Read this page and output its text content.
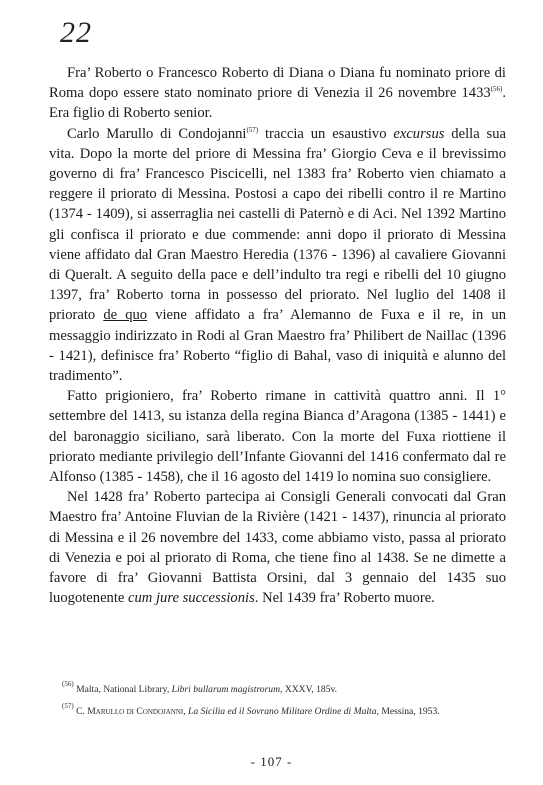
22

Fra’ Roberto o Francesco Roberto di Diana o Diana fu nominato priore di Roma dopo essere stato nominato priore di Venezia il 26 novembre 1433$^{(56)}$. Era figlio di Roberto senior.

Carlo Marullo di Condojanni$^{(57)}$ traccia un esaustivo excursus della sua vita. Dopo la morte del priore di Messina fra’ Giorgio Ceva e il brevissimo governo di fra’ Francesco Piscicelli, nel 1383 fra’ Roberto vien chiamato a reggere il priorato di Messina. Postosi a capo dei ribelli contro il re Martino (1374 - 1409), si asserraglia nei castelli di Paternò e di Aci. Nel 1392 Martino gli confisca il priorato e due commende: anni dopo il priorato di Messina viene affidato dal Gran Maestro Heredia (1376 - 1396) al cavaliere Giovanni di Queralt. A seguito della pace e dell’indulto tra regi e ribelli del 10 giugno 1397, fra’ Roberto torna in possesso del priorato. Nel luglio del 1408 il priorato de quo viene affidato a fra’ Alemanno de Fuxa e il re, in un messaggio indirizzato in Rodi al Gran Maestro fra’ Philibert de Naillac (1396 - 1421), definisce fra’ Roberto “figlio di Bahal, vaso di iniquità e alunno del tradimento”.

Fatto prigioniero, fra’ Roberto rimane in cattività quattro anni. Il 1° settembre del 1413, su istanza della regina Bianca d’Aragona (1385 - 1441) e del baronaggio siciliano, sarà liberato. Con la morte del Fuxa riottiene il priorato mediante privilegio dell’Infante Giovanni del 1416 confermato dal re Alfonso (1385 - 1458), che il 16 agosto del 1419 lo nomina suo consigliere.

Nel 1428 fra’ Roberto partecipa ai Consigli Generali convocati dal Gran Maestro fra’ Antoine Fluvian de la Rivière (1421 - 1437), rinuncia al priorato di Messina e il 26 novembre del 1433, come abbiamo visto, passa al priorato di Venezia e poi al priorato di Roma, che tiene fino al 1438. Se ne dimette a favore di fra’ Giovanni Battista Orsini, dal 3 gennaio del 1435 suo luogotenente cum jure successionis. Nel 1439 fra’ Roberto muore.

$^{(56)}$ Malta, National Library, Libri bullarum magistrorum, XXXV, 185v.

$^{(57)}$ C. Marullo di Condojanni, La Sicilia ed il Sovrano Militare Ordine di Malta, Messina, 1953.

- 107 -
